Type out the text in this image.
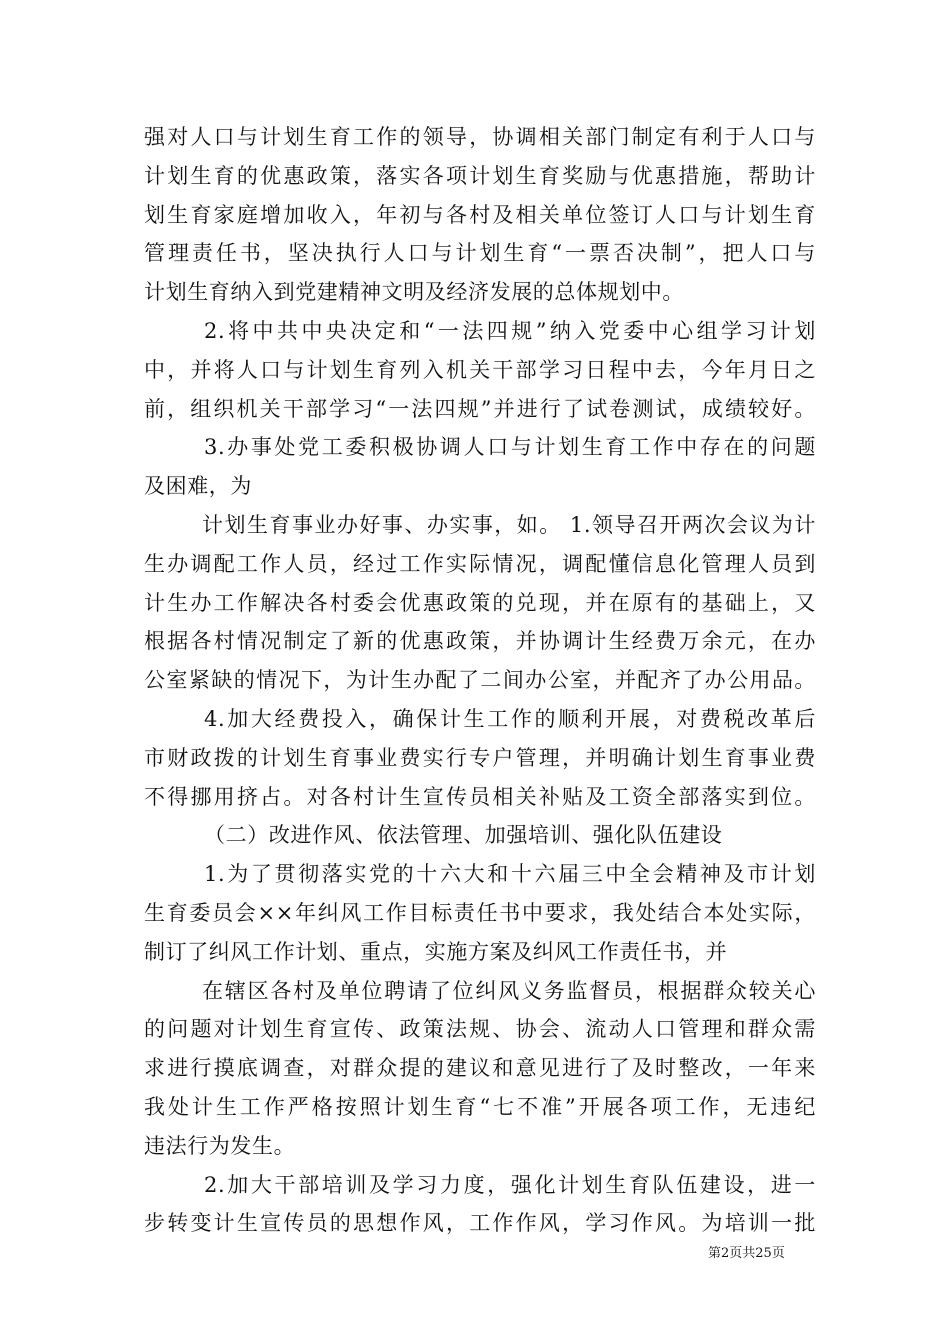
强对人口与计划生育工作的领导，协调相关部门制定有利于人口与
计划生育的优惠政策，落实各项计划生育奖励与优惠措施，帮助计
划生育家庭增加收入，年初与各村及相关单位签订人口与计划生育
管理责任书，坚决执行人口与计划生育“一票否决制”，把人口与
计划生育纳入到党建精神文明及经济发展的总体规划中。
2.将中共中央决定和“一法四规”纳入党委中心组学习计划
中，并将人口与计划生育列入机关干部学习日程中去，今年月日之
前，组织机关干部学习“一法四规”并进行了试卷测试，成绩较好。
3.办事处党工委积极协调人口与计划生育工作中存在的问题
及困难，为
计划生育事业办好事、办实事，如。 1.领导召开两次会议为计
生办调配工作人员，经过工作实际情况，调配懂信息化管理人员到
计生办工作解决各村委会优惠政策的兑现，并在原有的基础上，又
根据各村情况制定了新的优惠政策，并协调计生经费万余元，在办
公室紧缺的情况下，为计生办配了二间办公室，并配齐了办公用品。
4.加大经费投入，确保计生工作的顺利开展，对费税改革后
市财政拨的计划生育事业费实行专户管理，并明确计划生育事业费
不得挪用挤占。对各村计生宣传员相关补贴及工资全部落实到位。
（二）改进作风、依法管理、加强培训、强化队伍建设
1.为了贯彻落实党的十六大和十六届三中全会精神及市计划
生育委员会××年纠风工作目标责任书中要求，我处结合本处实际，
制订了纠风工作计划、重点，实施方案及纠风工作责任书，并
在辖区各村及单位聘请了位纠风义务监督员，根据群众较关心
的问题对计划生育宣传、政策法规、协会、流动人口管理和群众需
求进行摸底调查，对群众提的建议和意见进行了及时整改，一年来
我处计生工作严格按照计划生育“七不准”开展各项工作，无违纪
违法行为发生。
2.加大干部培训及学习力度，强化计划生育队伍建设，进一
步转变计生宣传员的思想作风，工作作风，学习作风。为培训一批
第2页共25页
